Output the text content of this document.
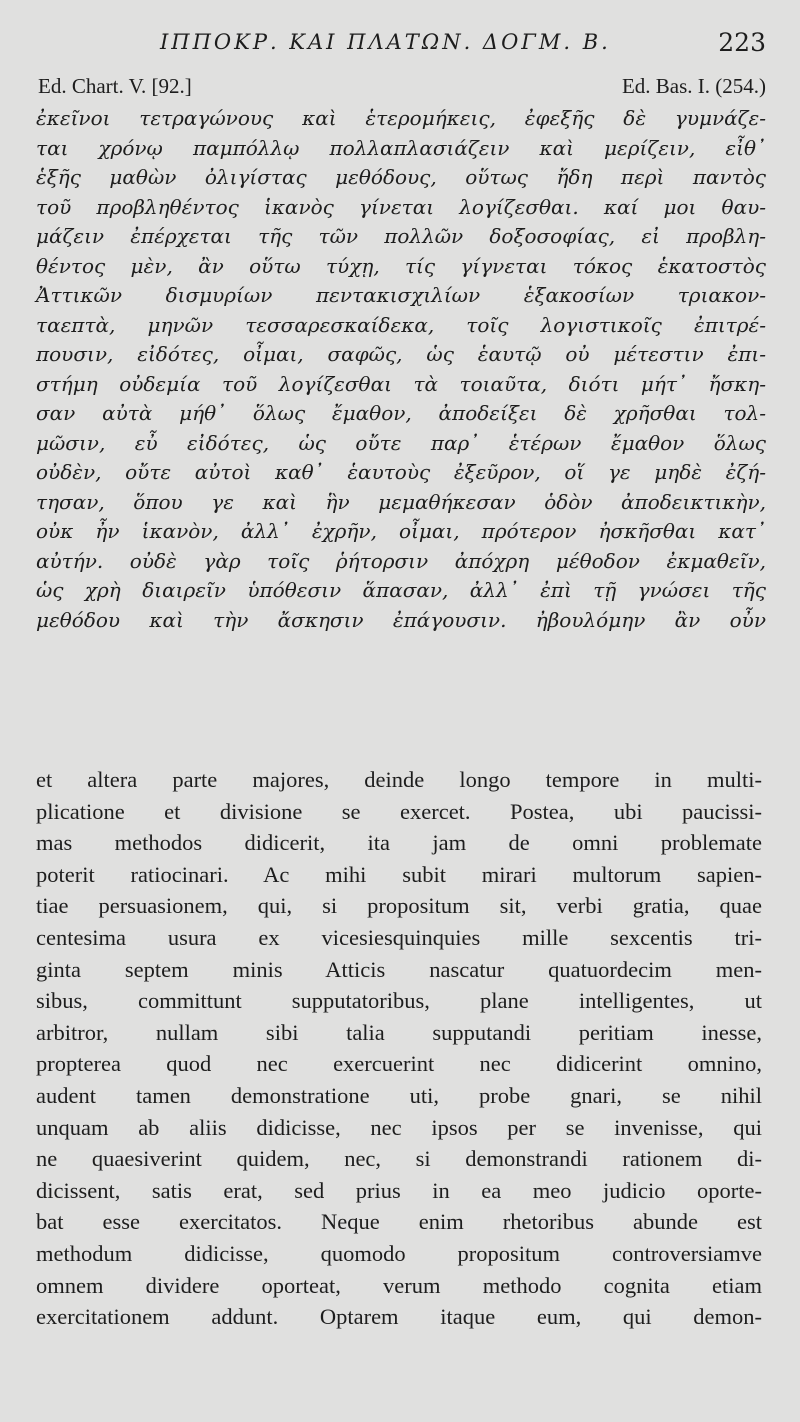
ΙΠΠΟΚΡ. ΚΑΙ ΠΛΑΤΩΝ. ΔΟΓΜ. Β.	223
Ed. Chart. V. [92.]	Ed. Bas. I. (254.)
ἐκεῖνοι τετραγώνους καὶ ἑτερομήκεις, ἐφεξῆς δὲ γυμνάζε-
ται χρόνῳ παμπόλλῳ πολλαπλασιάζειν καὶ μερίζειν, εἶθ᾽
ἑξῆς μαθὼν ὀλιγίστας μεθόδους, οὕτως ἤδη περὶ παντὸς
τοῦ προβληθέντος ἱκανὸς γίνεται λογίζεσθαι. καί μοι θαυ-
μάζειν ἐπέρχεται τῆς τῶν πολλῶν δοξοσοφίας, εἰ προβλη-
θέντος μὲν, ἂν οὕτω τύχῃ, τίς γίγνεται τόκος ἑκατοστὸς
Ἀττικῶν δισμυρίων πεντακισχιλίων ἑξακοσίων τριακον-
ταεπτὰ, μηνῶν τεσσαρεσκαίδεκα, τοῖς λογιστικοῖς ἐπιτρέ-
πουσιν, εἰδότες, οἶμαι, σαφῶς, ὡς ἑαυτῷ οὐ μέτεστιν ἐπι-
στήμη οὐδεμία τοῦ λογίζεσθαι τὰ τοιαῦτα, διότι μήτ᾽ ἤσκη-
σαν αὐτὰ μήθ᾽ ὅλως ἔμαθον, ἀποδείξει δὲ χρῆσθαι τολ-
μῶσιν, εὖ εἰδότες, ὡς οὔτε παρ᾽ ἑτέρων ἔμαθον ὅλως
οὐδὲν, οὔτε αὐτοὶ καθ᾽ ἑαυτοὺς ἐξεῦρον, οἵ γε μηδὲ ἐζή-
τησαν, ὅπου γε καὶ ἣν μεμαθήκεσαν ὁδὸν ἀποδεικτικὴν,
οὐκ ἦν ἱκανὸν, ἀλλ᾽ ἐχρῆν, οἶμαι, πρότερον ἠσκῆσθαι κατ᾽
αὐτήν. οὐδὲ γὰρ τοῖς ῥήτορσιν ἀπόχρη μέθοδον ἐκμαθεῖν,
ὡς χρὴ διαιρεῖν ὑπόθεσιν ἅπασαν, ἀλλ᾽ ἐπὶ τῇ γνώσει τῆς
μεθόδου καὶ τὴν ἄσκησιν ἐπάγουσιν. ἠβουλόμην ἂν οὖν
et altera parte majores, deinde longo tempore in multi-
plicatione et divisione se exercet. Postea, ubi paucissi-
mas methodos didicerit, ita jam de omni problemate
poterit ratiocinari. Ac mihi subit mirari multorum sapien-
tiae persuasionem, qui, si propositum sit, verbi gratia, quae
centesima usura ex vicesiesquinquies mille sexcentis tri-
ginta septem minis Atticis nascatur quatuordecim men-
sibus, committunt supputatoribus, plane intelligentes, ut
arbitror, nullam sibi talia supputandi peritiam inesse,
propterea quod nec exercuerint nec didicerint omnino,
audent tamen demonstratione uti, probe gnari, se nihil
unquam ab aliis didicisse, nec ipsos per se invenisse, qui
ne quaesiverint quidem, nec, si demonstrandi rationem di-
dicissent, satis erat, sed prius in ea meo judicio oporte-
bat esse exercitatos. Neque enim rhetoribus abunde est
methodum didicisse, quomodo propositum controversiamve
omnem dividere oporteat, verum methodo cognita etiam
exercitationem addunt. Optarem itaque eum, qui demon-
